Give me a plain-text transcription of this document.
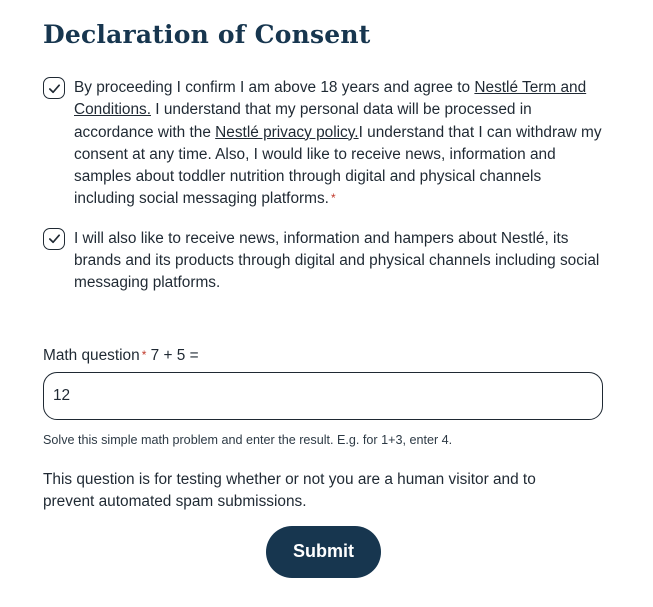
Declaration of Consent
By proceeding I confirm I am above 18 years and agree to Nestlé Term and Conditions. I understand that my personal data will be processed in accordance with the Nestlé privacy policy.I understand that I can withdraw my consent at any time. Also, I would like to receive news, information and samples about toddler nutrition through digital and physical channels including social messaging platforms. *
I will also like to receive news, information and hampers about Nestlé, its brands and its products through digital and physical channels including social messaging platforms.
Math question * 7 + 5 =
12
Solve this simple math problem and enter the result. E.g. for 1+3, enter 4.
This question is for testing whether or not you are a human visitor and to prevent automated spam submissions.
Submit
